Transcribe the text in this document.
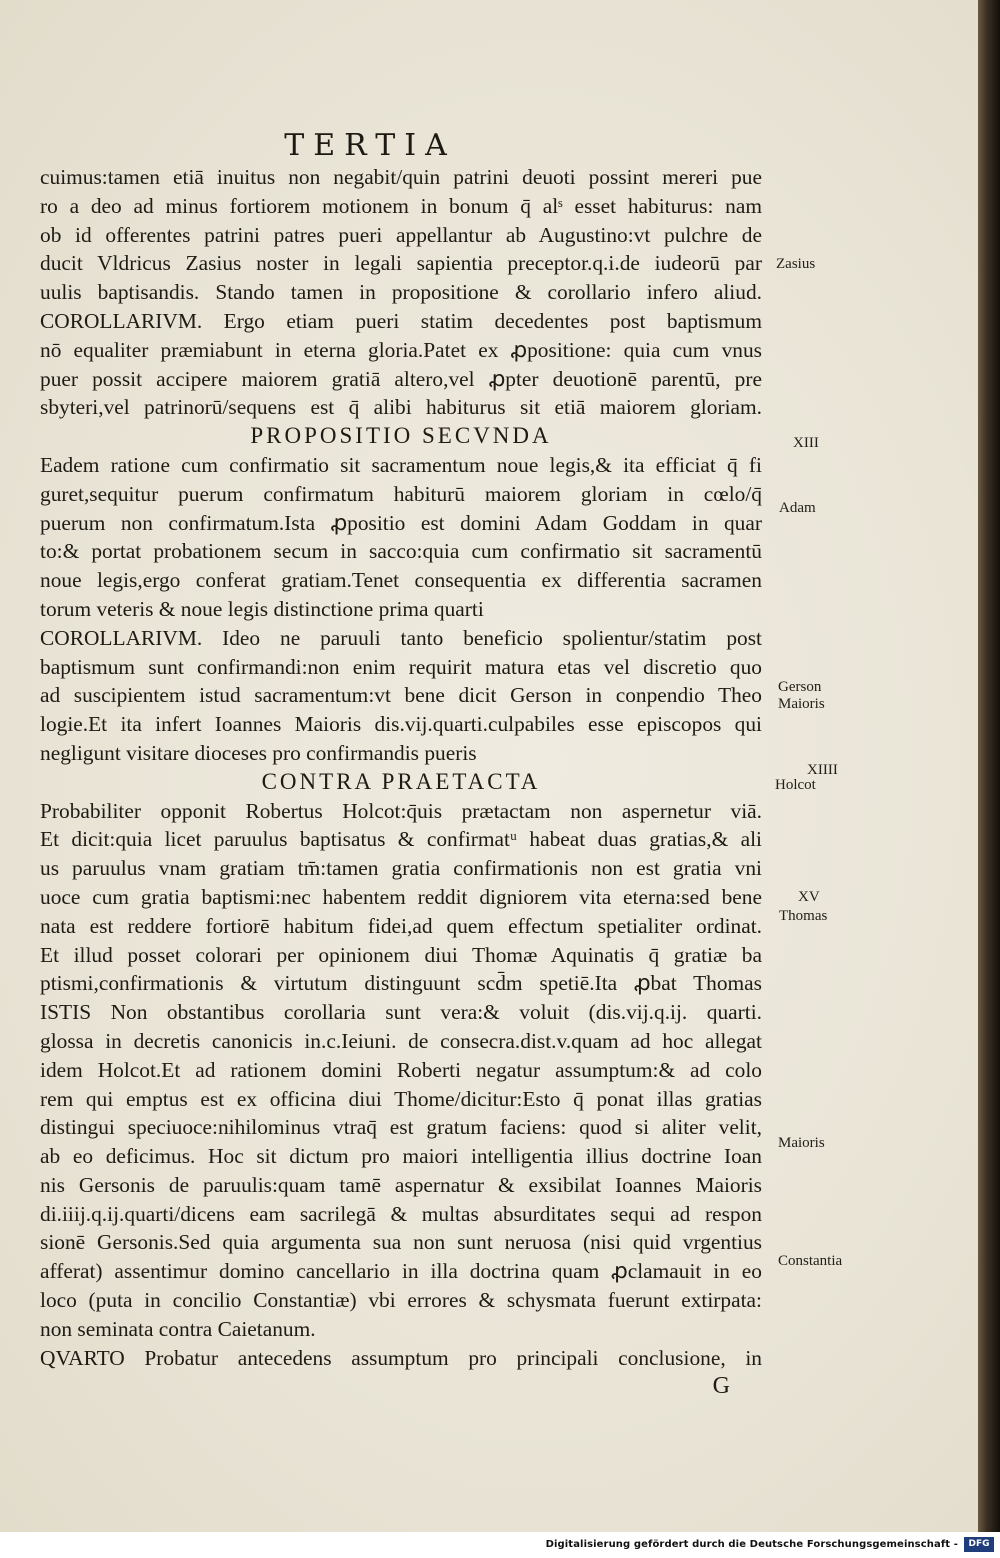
TERTIA
cuimus:tamen etiā inuitus non negabit/quin patrini deuoti possint mereri pue
ro a deo ad minus fortiorem motionem in bonum q̄ alˢ esset habiturus: nam
ob id offerentes patrini patres pueri appellantur ab Augustino:vt pulchre de
ducit Vldricus Zasius noster in legali sapientia preceptor.q.i.de iudeorū par
uulis baptisandis. Stando tamen in propositione & corollario infero aliud.
COROLLARIVM. Ergo etiam pueri statim decedentes post baptismum
nō equaliter præmiabunt in eterna gloria.Patet ex ꝓpositione: quia cum vnus
puer possit accipere maiorem gratiā altero,vel ꝓpter deuotionē parentū, pre
sbyteri,vel patrinorū/sequens est q̄ alibi habiturus sit etiā maiorem gloriam.
PROPOSITIO SECVNDA
Eadem ratione cum confirmatio sit sacramentum noue legis,& ita efficiat q̄ fi
guret,sequitur puerum confirmatum habiturū maiorem gloriam in cœlo/q̄
puerum non confirmatum.Ista ꝓpositio est domini Adam Goddam in quar
to:& portat probationem secum in sacco:quia cum confirmatio sit sacramentū
noue legis,ergo conferat gratiam.Tenet consequentia ex differentia sacramen
torum veteris & noue legis distinctione prima quarti
COROLLARIVM. Ideo ne paruuli tanto beneficio spolientur/statim post
baptismum sunt confirmandi:non enim requirit matura etas vel discretio quo
ad suscipientem istud sacramentum:vt bene dicit Gerson in conpendio Theo
logie.Et ita infert Ioannes Maioris dis.vij.quarti.culpabiles esse episcopos qui
negligunt visitare dioceses pro confirmandis pueris
CONTRA PRAETACTA
Probabiliter opponit Robertus Holcot:q̄uis prætactam non aspernetur viā.
Et dicit:quia licet paruulus baptisatus & confirmatᵘ habeat duas gratias,& ali
us paruulus vnam gratiam tm̄:tamen gratia confirmationis non est gratia vni
uoce cum gratia baptismi:nec habentem reddit digniorem vita eterna:sed bene
nata est reddere fortiorē habitum fidei,ad quem effectum spetialiter ordinat.
Et illud posset colorari per opinionem diui Thomæ Aquinatis q̄ gratiæ ba
ptismi,confirmationis & virtutum distinguunt scd̄m spetiē.Ita ꝓbat Thomas
ISTIS Non obstantibus corollaria sunt vera:& voluit (dis.vij.q.ij. quarti.
glossa in decretis canonicis in.c.Ieiuni. de consecra.dist.v.quam ad hoc allegat
idem Holcot.Et ad rationem domini Roberti negatur assumptum:& ad colo
rem qui emptus est ex officina diui Thome/dicitur:Esto q̄ ponat illas gratias
distingui speciuoce:nihilominus vtraq̄ est gratum faciens: quod si aliter velit,
ab eo deficimus. Hoc sit dictum pro maiori intelligentia illius doctrine Ioan
nis Gersonis de paruulis:quam tamē aspernatur & exsibilat Ioannes Maioris
di.iiij.q.ij.quarti/dicens eam sacrilegā & multas absurditates sequi ad respon
sionē Gersonis.Sed quia argumenta sua non sunt neruosa (nisi quid vrgentius
afferat) assentimur domino cancellario in illa doctrina quam ꝓclamauit in eo
loco (puta in concilio Constantiæ) vbi errores & schysmata fuerunt extirpata:
non seminata contra Caietanum.
QVARTO Probatur antecedens assumptum pro principali conclusione, in
G
Zasius
XIII
Adam
Gerson
Maioris
XIIII
Holcot
XV
Thomas
Maioris
Constantia
Digitalisierung gefördert durch die Deutsche Forschungsgemeinschaft -	DFG
